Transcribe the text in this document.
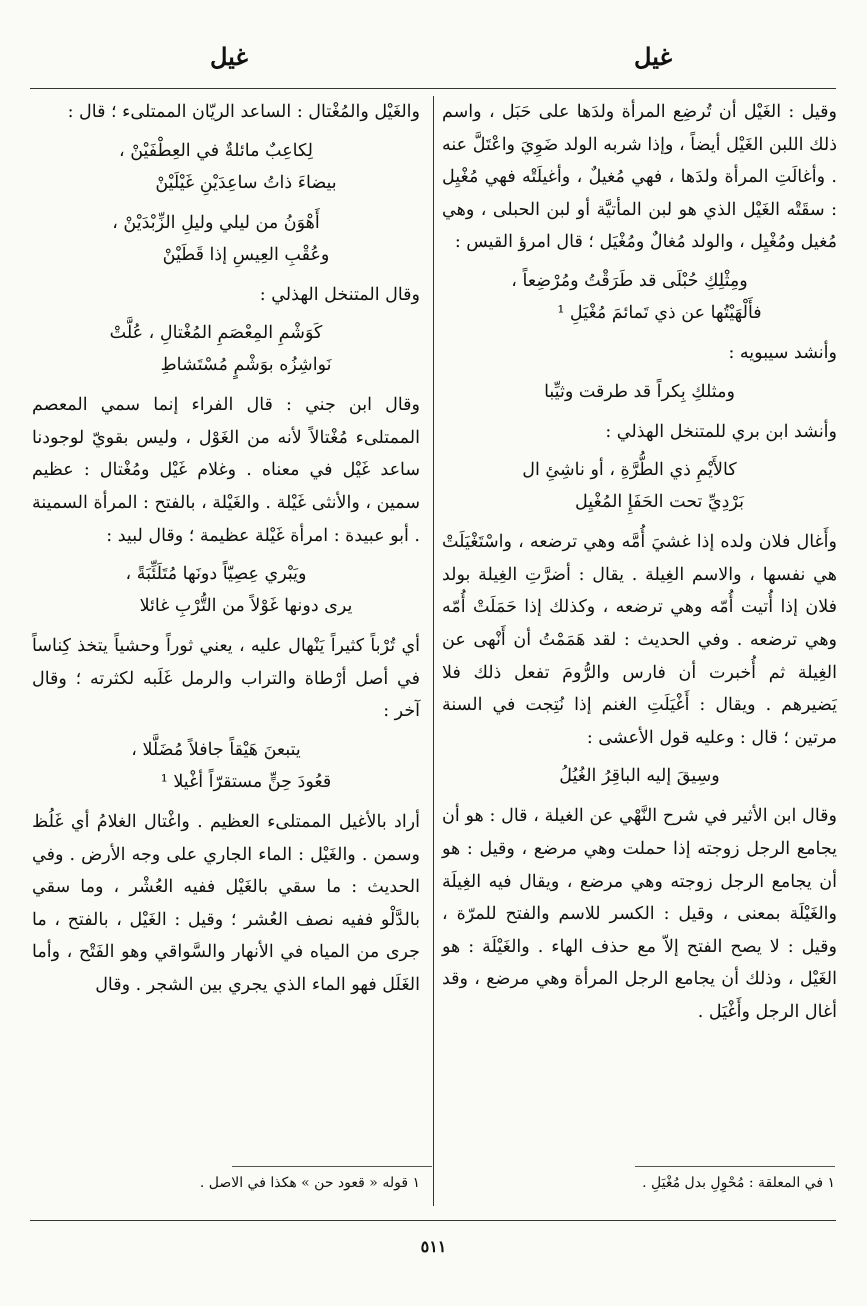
غيل
غيل

وقيل : الغَيْل أن تُرضِع المرأة ولدَها على حَبَل ، واسم ذلك اللبن الغَيْل أيضاً ، وإذا شربه الولد ضَوِيَ واعْتَلَّ عنه . وأغالَتِ المرأة ولدَها ، فهي مُغيلٌ ، وأغيلَتْه فهي مُغْيِل : سقَتْه الغَيْل الذي هو لبن المأتيَّة أو لبن الحبلى ، وهي مُغيل ومُغْيِل ، والولد مُغالٌ ومُغْيَل ؛ قال امرؤ القيس :

ومِثْلِكِ حُبْلَى قد طَرَقْتُ ومُرْضِعاً ،
فأَلْهَيْتُها عن ذي تَمائمَ مُغْيَلِ ¹

وأنشد سيبويه :

ومثلكِ بِكراً قد طرقت وثيِّبا

وأنشد ابن بري للمتنخل الهذلي :

كالأَيْمِ ذي الطُّرَّةِ ، أو ناشِئِ ال
بَرْدِيِّ تحت الحَفَإِ المُغْيِل

وأَغال فلان ولده إذا غشيَ أُمَّه وهي ترضعه ، واسْتَغْيَلَتْ هي نفسها ، والاسم الغِيلة . يقال : أضرَّتِ الغِيلة بولد فلان إذا أُتيت أُمّه وهي ترضعه ، وكذلك إذا حَمَلَتْ أُمّه وهي ترضعه . وفي الحديث : لقد هَمَمْتُ أن أَنْهى عن الغِيلة ثم أُخبرت أن فارس والرُّومَ تفعل ذلك فلا يَضيرهم . ويقال : أَغْيَلَتِ الغنم إذا نُتِجت في السنة مرتين ؛ قال : وعليه قول الأعشى :

وسِيقَ إليه الباقِرُ الغُيُلُ

وقال ابن الأثير في شرح النَّهْي عن الغيلة ، قال : هو أن يجامع الرجل زوجته إذا حملت وهي مرضع ، وقيل : هو أن يجامع الرجل زوجته وهي مرضع ، ويقال فيه الغِيلَة والغَيْلَة بمعنى ، وقيل : الكسر للاسم والفتح للمرّة ، وقيل : لا يصح الفتح إلاّ مع حذف الهاء . والغَيْلَة : هو الغَيْل ، وذلك أن يجامع الرجل المرأة وهي مرضع ، وقد أغال الرجل وأَغْيَل .

والغَيْل والمُغْتال : الساعد الريّان الممتلىء ؛ قال :

لِكاعِبٌ مائلةٌ في العِطْفَيْنْ ،
بيضاءَ ذاتُ ساعِدَيْنِ غَيْلَيْنْ
أَهْوَنُ من ليلي وليلِ الزِّبْدَيْنْ ،
وعُقْبِ العِيسِ إذا قَطَيْنْ

وقال المتنخل الهذلي :

كَوَشْمِ المِعْصَمِ المُغْتالِ ، عُلَّتْ
نَواشِزُه بوَشْمٍ مُسْتَشاطِ

وقال ابن جني : قال الفراء إنما سمي المعصم الممتلىء مُغْتالاً لأنه من الغَوْل ، وليس بقويّ لوجودنا ساعد غَيْل في معناه . وغلام غَيْل ومُغْتال : عظيم سمين ، والأنثى غَيْلة . والغَيْلة ، بالفتح : المرأة السمينة . أبو عبيدة : امرأة غَيْلة عظيمة ؛ وقال لبيد :

ويَبْري عِصِيّاً دونَها مُتَلَئِّبَةً ،
يرى دونها غَوْلاً من التُّرْبِ غائلا

أي تُرْباً كثيراً يَنْهال عليه ، يعني ثوراً وحشياً يتخذ كِناساً في أصل أرْطاة والتراب والرمل غَلَبه لكثرته ؛ وقال آخر :

يتبعنَ هَيْقاً جافلاً مُضَلَّلا ،
قعُودَ حِنٍّ مستقرّاً أغْيلا ¹

أراد بالأغيل الممتلىء العظيم . واغْتال الغلامُ أي غَلُظ وسمن . والغَيْل : الماء الجاري على وجه الأرض . وفي الحديث : ما سقي بالغَيْل ففيه العُشْر ، وما سقي بالدَّلْو ففيه نصف العُشر ؛ وقيل : الغَيْل ، بالفتح ، ما جرى من المياه في الأنهار والسَّواقي وهو الفَتْح ، وأما الغَلَل فهو الماء الذي يجري بين الشجر . وقال

١ في المعلقة : مُحْوِلِ بدل مُغْيَلِ .
١ قوله « قعود حن » هكذا في الاصل .
٥١١
